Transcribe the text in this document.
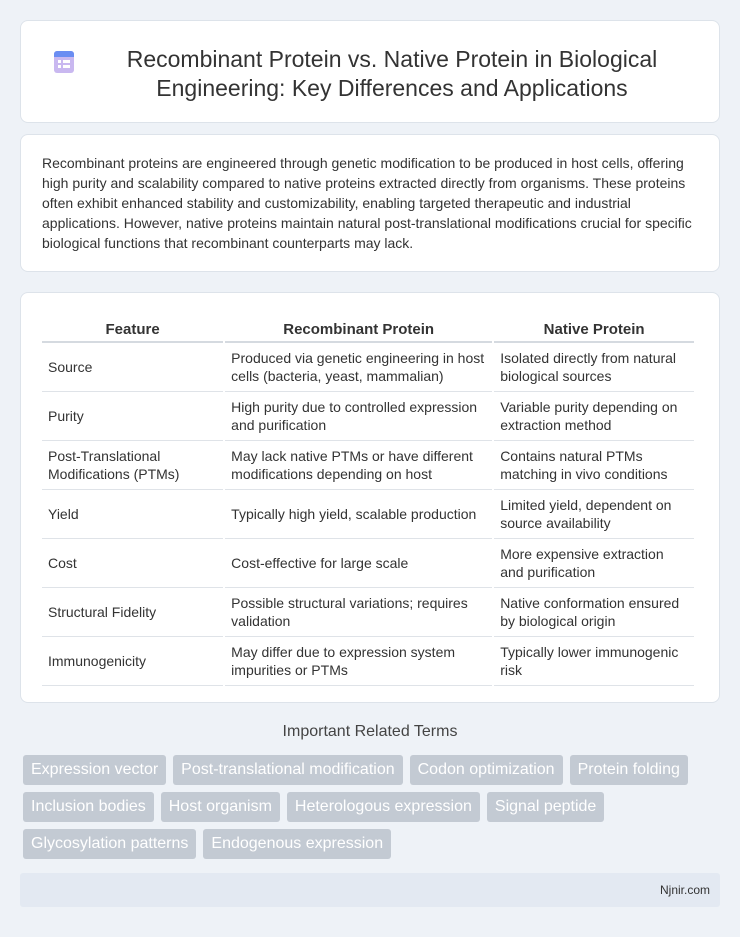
Recombinant Protein vs. Native Protein in Biological Engineering: Key Differences and Applications

Recombinant proteins are engineered through genetic modification to be produced in host cells, offering high purity and scalability compared to native proteins extracted directly from organisms. These proteins often exhibit enhanced stability and customizability, enabling targeted therapeutic and industrial applications. However, native proteins maintain natural post-translational modifications crucial for specific biological functions that recombinant counterparts may lack.

Feature	Recombinant Protein	Native Protein
Source	Produced via genetic engineering in host cells (bacteria, yeast, mammalian)	Isolated directly from natural biological sources
Purity	High purity due to controlled expression and purification	Variable purity depending on extraction method
Post-Translational Modifications (PTMs)	May lack native PTMs or have different modifications depending on host	Contains natural PTMs matching in vivo conditions
Yield	Typically high yield, scalable production	Limited yield, dependent on source availability
Cost	Cost-effective for large scale	More expensive extraction and purification
Structural Fidelity	Possible structural variations; requires validation	Native conformation ensured by biological origin
Immunogenicity	May differ due to expression system impurities or PTMs	Typically lower immunogenic risk
Important Related Terms
Expression vector	Post-translational modification	Codon optimization	Protein folding
Inclusion bodies	Host organism	Heterologous expression	Signal peptide
Glycosylation patterns	Endogenous expression
Njnir.com
